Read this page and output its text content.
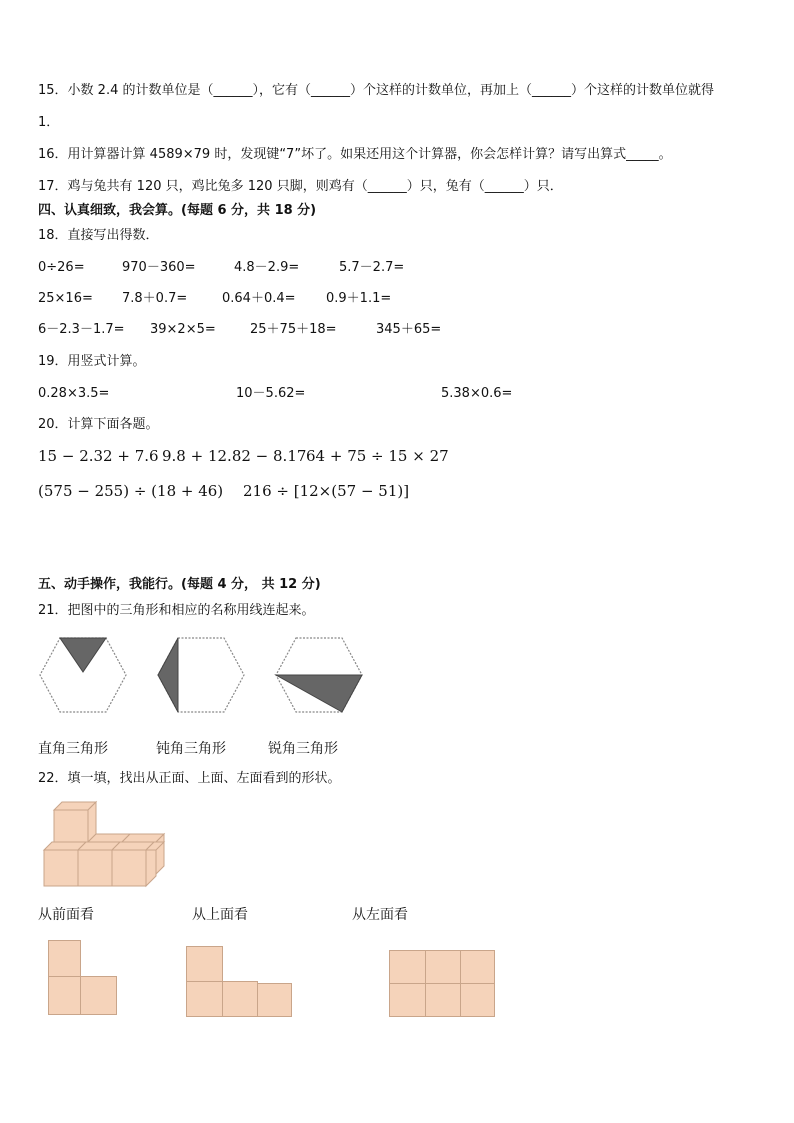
15．小数 2.4 的计数单位是（______），它有（______）个这样的计数单位，再加上（______）个这样的计数单位就得
1．
16．用计算器计算 4589×79 时，发现键“7”坏了。如果还用这个计算器，你会怎样计算？请写出算式_____。
17．鸡与兔共有 120 只，鸡比兔多 120 只脚，则鸡有（______）只，兔有（______）只．
四、认真细致，我会算。(每题 6 分，共 18 分)
18．直接写出得数．
0÷26=	970－360=	4.8－2.9=	5.7－2.7=
25×16= 7.8＋0.7=	0.64＋0.4= 0.9＋1.1=
6－2.3－1.7= 39×2×5=	25＋75＋18=	345＋65=
19．用竖式计算。
0.28×3.5=	10－5.62=	5.38×0.6=
20．计算下面各题。
15 − 2.32 + 7.6 9.8 + 12.82 − 8.17 64 + 75 ÷ 15 × 27
(575 − 255) ÷ (18 + 46) 216 ÷ [12×(57 − 51)]
五、动手操作，我能行。(每题 4 分， 共 12 分)
21．把图中的三角形和相应的名称用线连起来。
直角三角形	钝角三角形	锐角三角形
22．填一填，找出从正面、上面、左面看到的形状。
从前面看	从上面看	从左面看
